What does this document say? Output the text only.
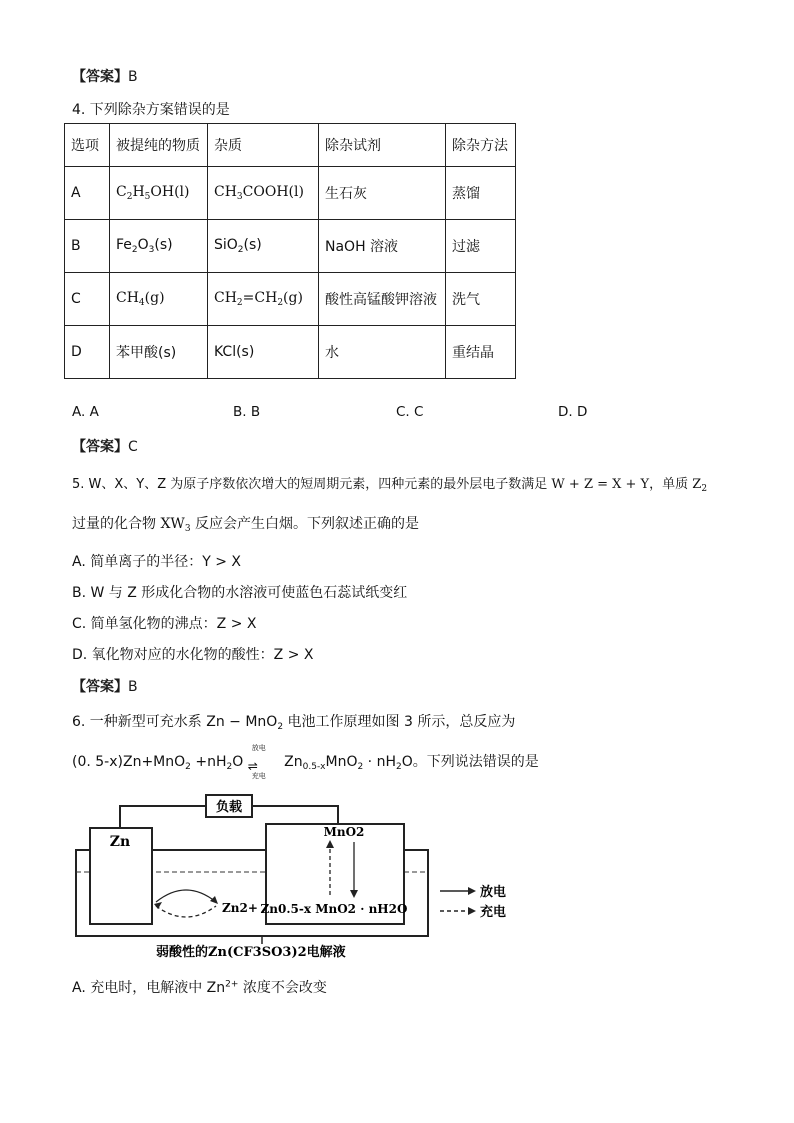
【答案】B
4. 下列除杂方案错误的是
选项	被提纯的物质	杂质	除杂试剂	除杂方法
A	$C_2H_5OH(l)$	$CH_3COOH(l)$	生石灰	蒸馏
B	$Fe_2O_3(s)$	SiO$_2$(s)	NaOH 溶液	过滤
C	$CH_4(g)$	$CH_2=CH_2(g)$	酸性高锰酸钾溶液	洗气
D	苯甲酸(s)	KCl(s)	水	重结晶
A. A	B. B	C. C	D. D
【答案】C
5. W、X、Y、Z 为原子序数依次增大的短周期元素，四种元素的最外层电子数满足 W + Z = X + Y，单质 $Z_2$
过量的化合物 $XW_3$ 反应会产生白烟。下列叙述正确的是
A. 简单离子的半径：Y > X
B. W 与 Z 形成化合物的水溶液可使蓝色石蕊试纸变红
C. 简单氢化物的沸点：Z > X
D. 氧化物对应的水化物的酸性：Z > X
【答案】B
6. 一种新型可充水系 Zn − MnO$_2$ 电池工作原理如图 3 所示，总反应为
(0. $5-x)Zn+MnO_2 +nH_2O$
放电
⇌
充电
$Zn_{0.5-x}MnO_2 \cdot nH_2O$。下列说法错误的是
负载
Zn
MnO2
Zn0.5-x MnO2 · nH2O
Zn2+
放电
充电
弱酸性的Zn(CF3SO3)2电解液
A. 充电时，电解液中 $Zn^{2+}$ 浓度不会改变
